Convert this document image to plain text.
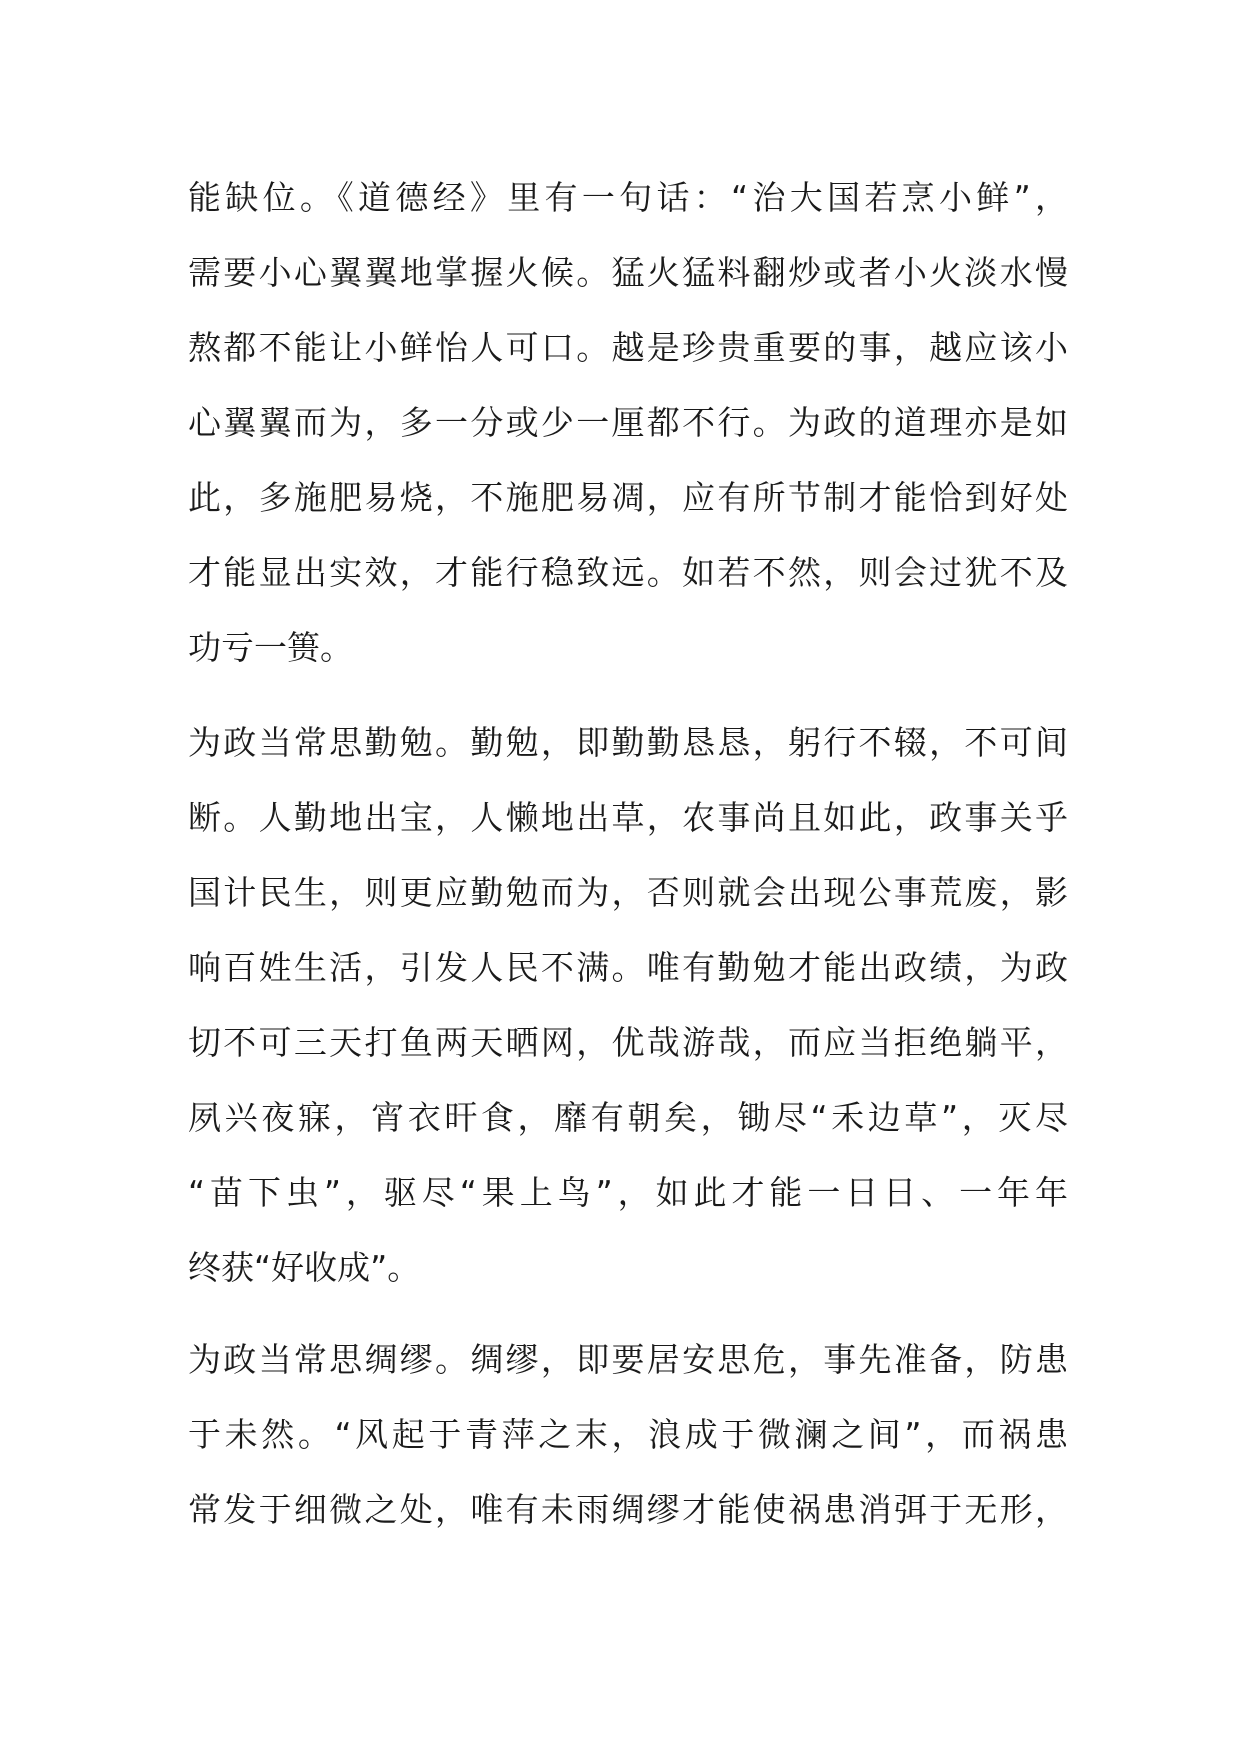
能缺位。《道德经》里有一句话：“治大国若烹小鲜”，
需要小心翼翼地掌握火候。猛火猛料翻炒或者小火淡水慢
熬都不能让小鲜怡人可口。越是珍贵重要的事，越应该小
心翼翼而为，多一分或少一厘都不行。为政的道理亦是如
此，多施肥易烧，不施肥易凋，应有所节制才能恰到好处
才能显出实效，才能行稳致远。如若不然，则会过犹不及
功亏一篑。
为政当常思勤勉。勤勉，即勤勤恳恳，躬行不辍，不可间
断。人勤地出宝，人懒地出草，农事尚且如此，政事关乎
国计民生，则更应勤勉而为，否则就会出现公事荒废，影
响百姓生活，引发人民不满。唯有勤勉才能出政绩，为政
切不可三天打鱼两天晒网，优哉游哉，而应当拒绝躺平，
夙兴夜寐，宵衣旰食，靡有朝矣，锄尽“禾边草”，灭尽
“苗下虫”，驱尽“果上鸟”，如此才能一日日、一年年
终获“好收成”。
为政当常思绸缪。绸缪，即要居安思危，事先准备，防患
于未然。“风起于青萍之末，浪成于微澜之间”，而祸患
常发于细微之处，唯有未雨绸缪才能使祸患消弭于无形，
